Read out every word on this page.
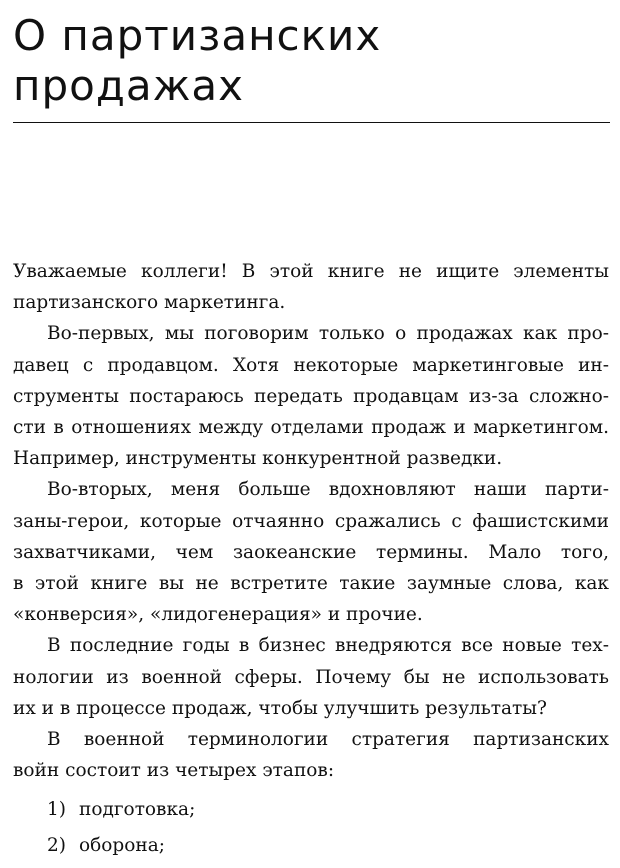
О партизанских
продажах

Уважаемые коллеги! В этой книге не ищите элементы
партизанского маркетинга.

Во-первых, мы поговорим только о продажах как про-
давец с продавцом. Хотя некоторые маркетинговые ин-
струменты постараюсь передать продавцам из-за сложно-
сти в отношениях между отделами продаж и маркетингом.
Например, инструменты конкурентной разведки.

Во-вторых, меня больше вдохновляют наши парти-
заны-герои, которые отчаянно сражались с фашистскими
захватчиками, чем заокеанские термины. Мало того,
в этой книге вы не встретите такие заумные слова, как
«конверсия», «лидогенерация» и прочие.

В последние годы в бизнес внедряются все новые тех-
нологии из военной сферы. Почему бы не использовать
их и в процессе продаж, чтобы улучшить результаты?

В военной терминологии стратегия партизанских
войн состоит из четырех этапов:

1) подготовка;
2) оборона;
